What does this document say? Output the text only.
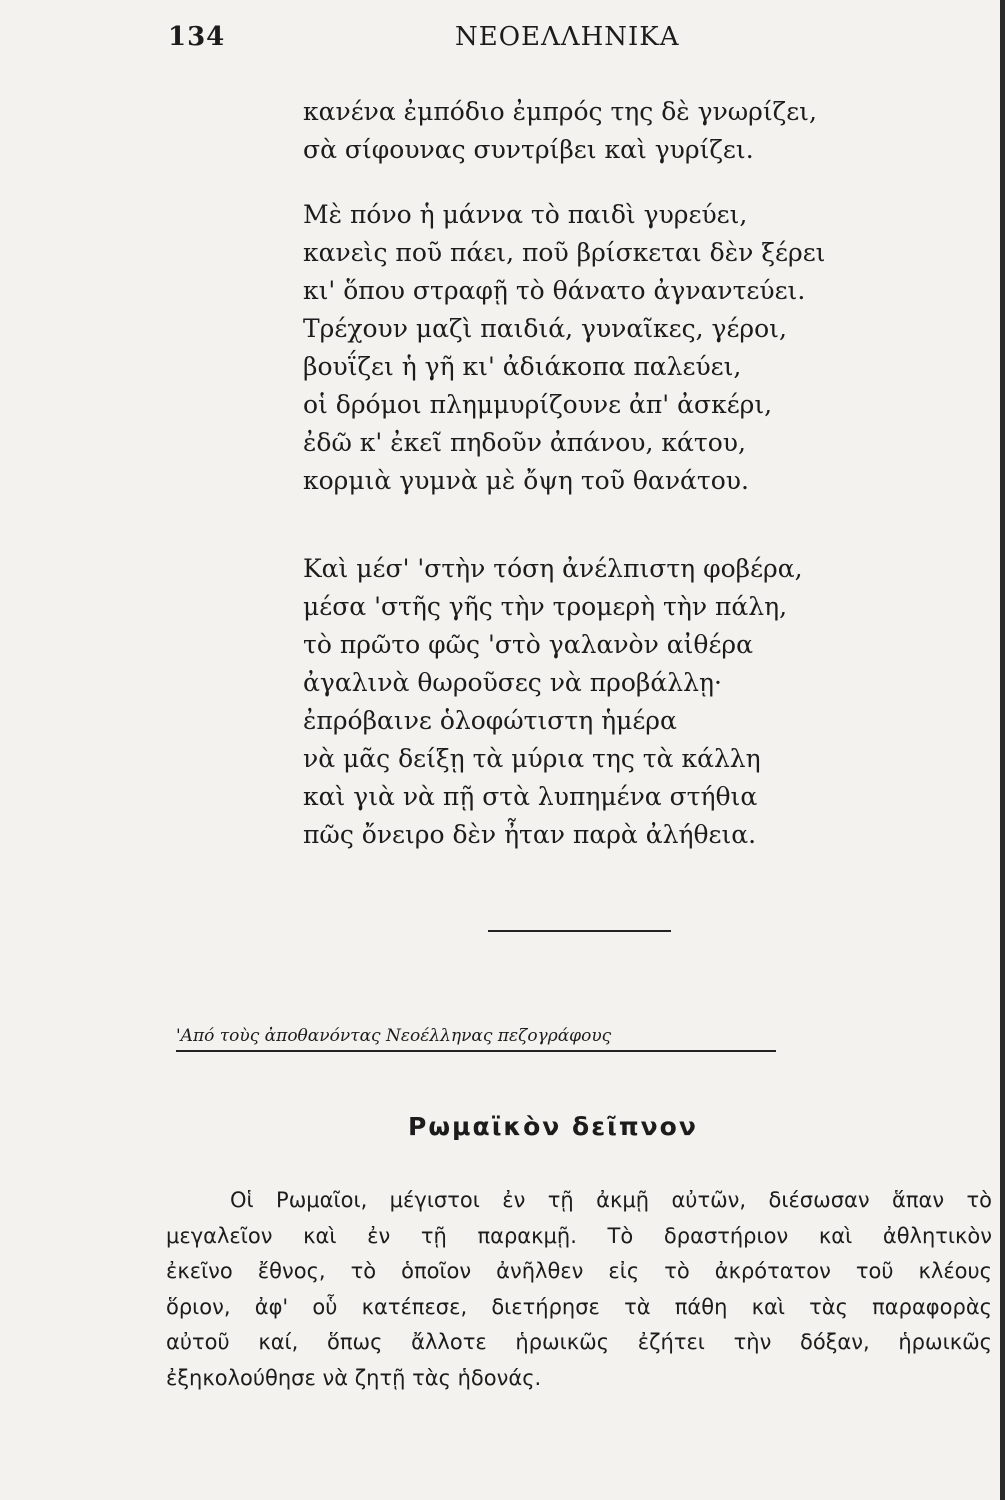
134	ΝΕΟΕΛΛΗΝΙΚΑ
κανένα ἐμπόδιο ἐμπρός της δὲ γνωρίζει,
σὰ σίφουνας συντρίβει καὶ γυρίζει.
Μὲ πόνο ἡ μάννα τὸ παιδὶ γυρεύει,
κανεὶς ποῦ πάει, ποῦ βρίσκεται δὲν ξέρει
κι' ὅπου στραφῇ τὸ θάνατο ἀγναντεύει.
Τρέχουν μαζὶ παιδιά, γυναῖκες, γέροι,
βουΐζει ἡ γῆ κι' ἀδιάκοπα παλεύει,
οἱ δρόμοι πλημμυρίζουνε ἀπ' ἀσκέρι,
ἐδῶ κ' ἐκεῖ πηδοῦν ἀπάνου, κάτου,
κορμιὰ γυμνὰ μὲ ὄψη τοῦ θανάτου.
Καὶ μέσ' 'στὴν τόση ἀνέλπιστη φοβέρα,
μέσα 'στῆς γῆς τὴν τρομερὴ τὴν πάλη,
τὸ πρῶτο φῶς 'στὸ γαλανὸν αἰθέρα
ἀγαλινὰ θωροῦσες νὰ προβάλλῃ·
ἐπρόβαινε ὁλοφώτιστη ἡμέρα
νὰ μᾶς δείξῃ τὰ μύρια της τὰ κάλλη
καὶ γιὰ νὰ πῇ στὰ λυπημένα στήθια
πῶς ὄνειρο δὲν ἦταν παρὰ ἀλήθεια.
'Από τοὺς ἀποθανόντας Νεοέλληνας πεζογράφους
Ρωμαϊκὸν δεῖπνον
Οἱ Ρωμαῖοι, μέγιστοι ἐν τῇ ἀκμῇ αὐτῶν, διέσωσαν ἅπαν τὸ
μεγαλεῖον καὶ ἐν τῇ παρακμῇ. Τὸ δραστήριον καὶ ἀθλητικὸν
ἐκεῖνο ἔθνος, τὸ ὁποῖον ἀνῆλθεν εἰς τὸ ἀκρότατον τοῦ κλέους
ὅριον, ἀφ' οὗ κατέπεσε, διετήρησε τὰ πάθη καὶ τὰς παραφορὰς
αὐτοῦ καί, ὅπως ἄλλοτε ἡρωικῶς ἐζήτει τὴν δόξαν, ἡρωικῶς
ἐξηκολούθησε νὰ ζητῇ τὰς ἡδονάς.
